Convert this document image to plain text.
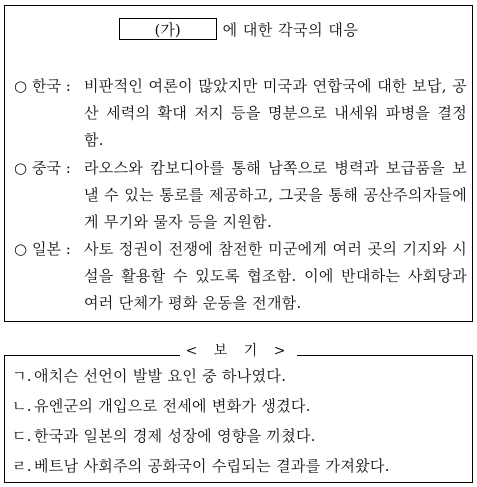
(가)	에 대한 각국의 대응
○ 한국 : 비판적인 여론이 많았지만 미국과 연합국에 대한 보답, 공산 세력의 확대 저지 등을 명분으로 내세워 파병을 결정함.
○ 중국 : 라오스와 캄보디아를 통해 남쪽으로 병력과 보급품을 보낼 수 있는 통로를 제공하고, 그곳을 통해 공산주의자들에게 무기와 물자 등을 지원함.
○ 일본 : 사토 정권이 전쟁에 참전한 미군에게 여러 곳의 기지와 시설을 활용할 수 있도록 협조함. 이에 반대하는 사회당과 여러 단체가 평화 운동을 전개함.
< 보 기 >
ㄱ. 애치슨 선언이 발발 요인 중 하나였다.
ㄴ. 유엔군의 개입으로 전세에 변화가 생겼다.
ㄷ. 한국과 일본의 경제 성장에 영향을 끼쳤다.
ㄹ. 베트남 사회주의 공화국이 수립되는 결과를 가져왔다.
